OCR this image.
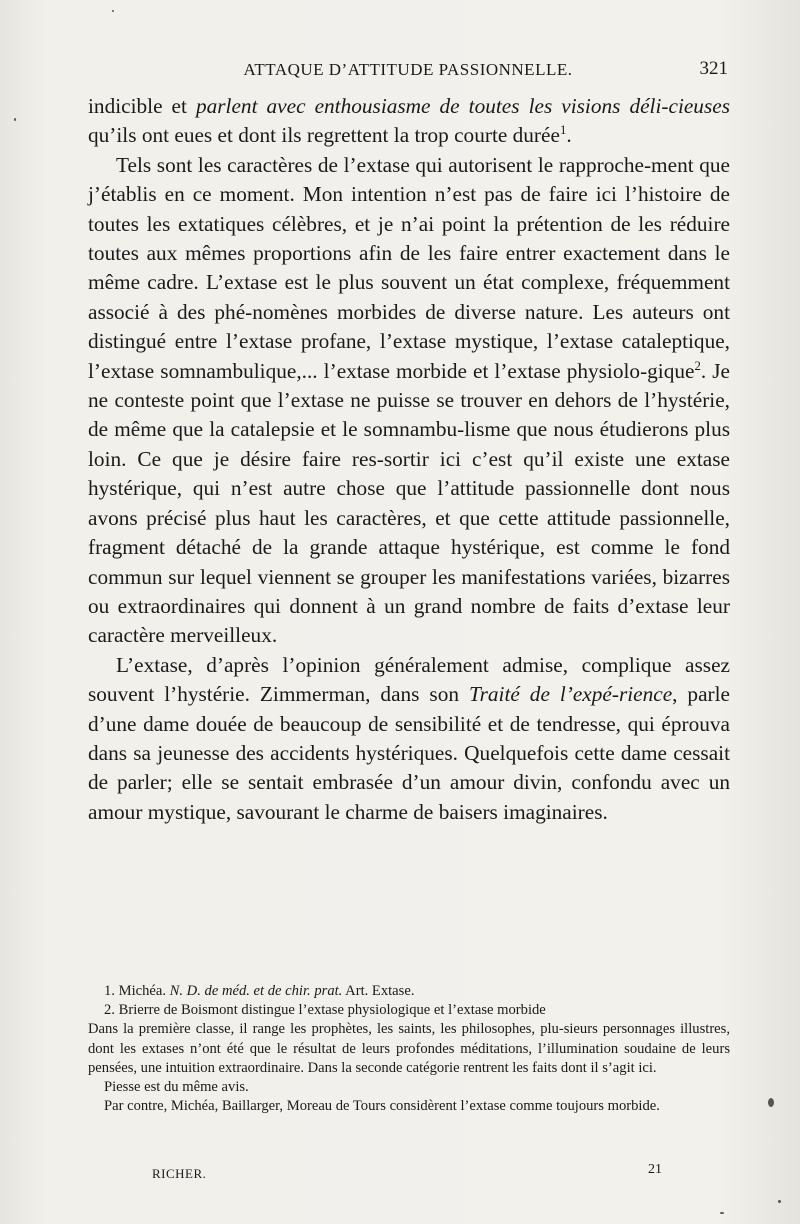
ATTAQUE D’ATTITUDE PASSIONNELLE.	321

indicible et parlent avec enthousiasme de toutes les visions déli-cieuses qu’ils ont eues et dont ils regrettent la trop courte durée$^1$.

Tels sont les caractères de l’extase qui autorisent le rapproche-ment que j’établis en ce moment. Mon intention n’est pas de faire ici l’histoire de toutes les extatiques célèbres, et je n’ai point la prétention de les réduire toutes aux mêmes proportions afin de les faire entrer exactement dans le même cadre. L’extase est le plus souvent un état complexe, fréquemment associé à des phé-nomènes morbides de diverse nature. Les auteurs ont distingué entre l’extase profane, l’extase mystique, l’extase cataleptique, l’extase somnambulique,... l’extase morbide et l’extase physiolo-gique$^2$. Je ne conteste point que l’extase ne puisse se trouver en dehors de l’hystérie, de même que la catalepsie et le somnambu-lisme que nous étudierons plus loin. Ce que je désire faire res-sortir ici c’est qu’il existe une extase hystérique, qui n’est autre chose que l’attitude passionnelle dont nous avons précisé plus haut les caractères, et que cette attitude passionnelle, fragment détaché de la grande attaque hystérique, est comme le fond commun sur lequel viennent se grouper les manifestations variées, bizarres ou extraordinaires qui donnent à un grand nombre de faits d’extase leur caractère merveilleux.

L’extase, d’après l’opinion généralement admise, complique assez souvent l’hystérie. Zimmerman, dans son Traité de l’expé-rience, parle d’une dame douée de beaucoup de sensibilité et de tendresse, qui éprouva dans sa jeunesse des accidents hystériques. Quelquefois cette dame cessait de parler; elle se sentait embrasée d’un amour divin, confondu avec un amour mystique, savourant le charme de baisers imaginaires.

1. Michéa. N. D. de méd. et de chir. prat. Art. Extase.

2. Brierre de Boismont distingue l’extase physiologique et l’extase morbide

Dans la première classe, il range les prophètes, les saints, les philosophes, plu-sieurs personnages illustres, dont les extases n’ont été que le résultat de leurs profondes méditations, l’illumination soudaine de leurs pensées, une intuition extraordinaire. Dans la seconde catégorie rentrent les faits dont il s’agit ici.

Piesse est du même avis.

Par contre, Michéa, Baillarger, Moreau de Tours considèrent l’extase comme toujours morbide.

RICHER.	21
